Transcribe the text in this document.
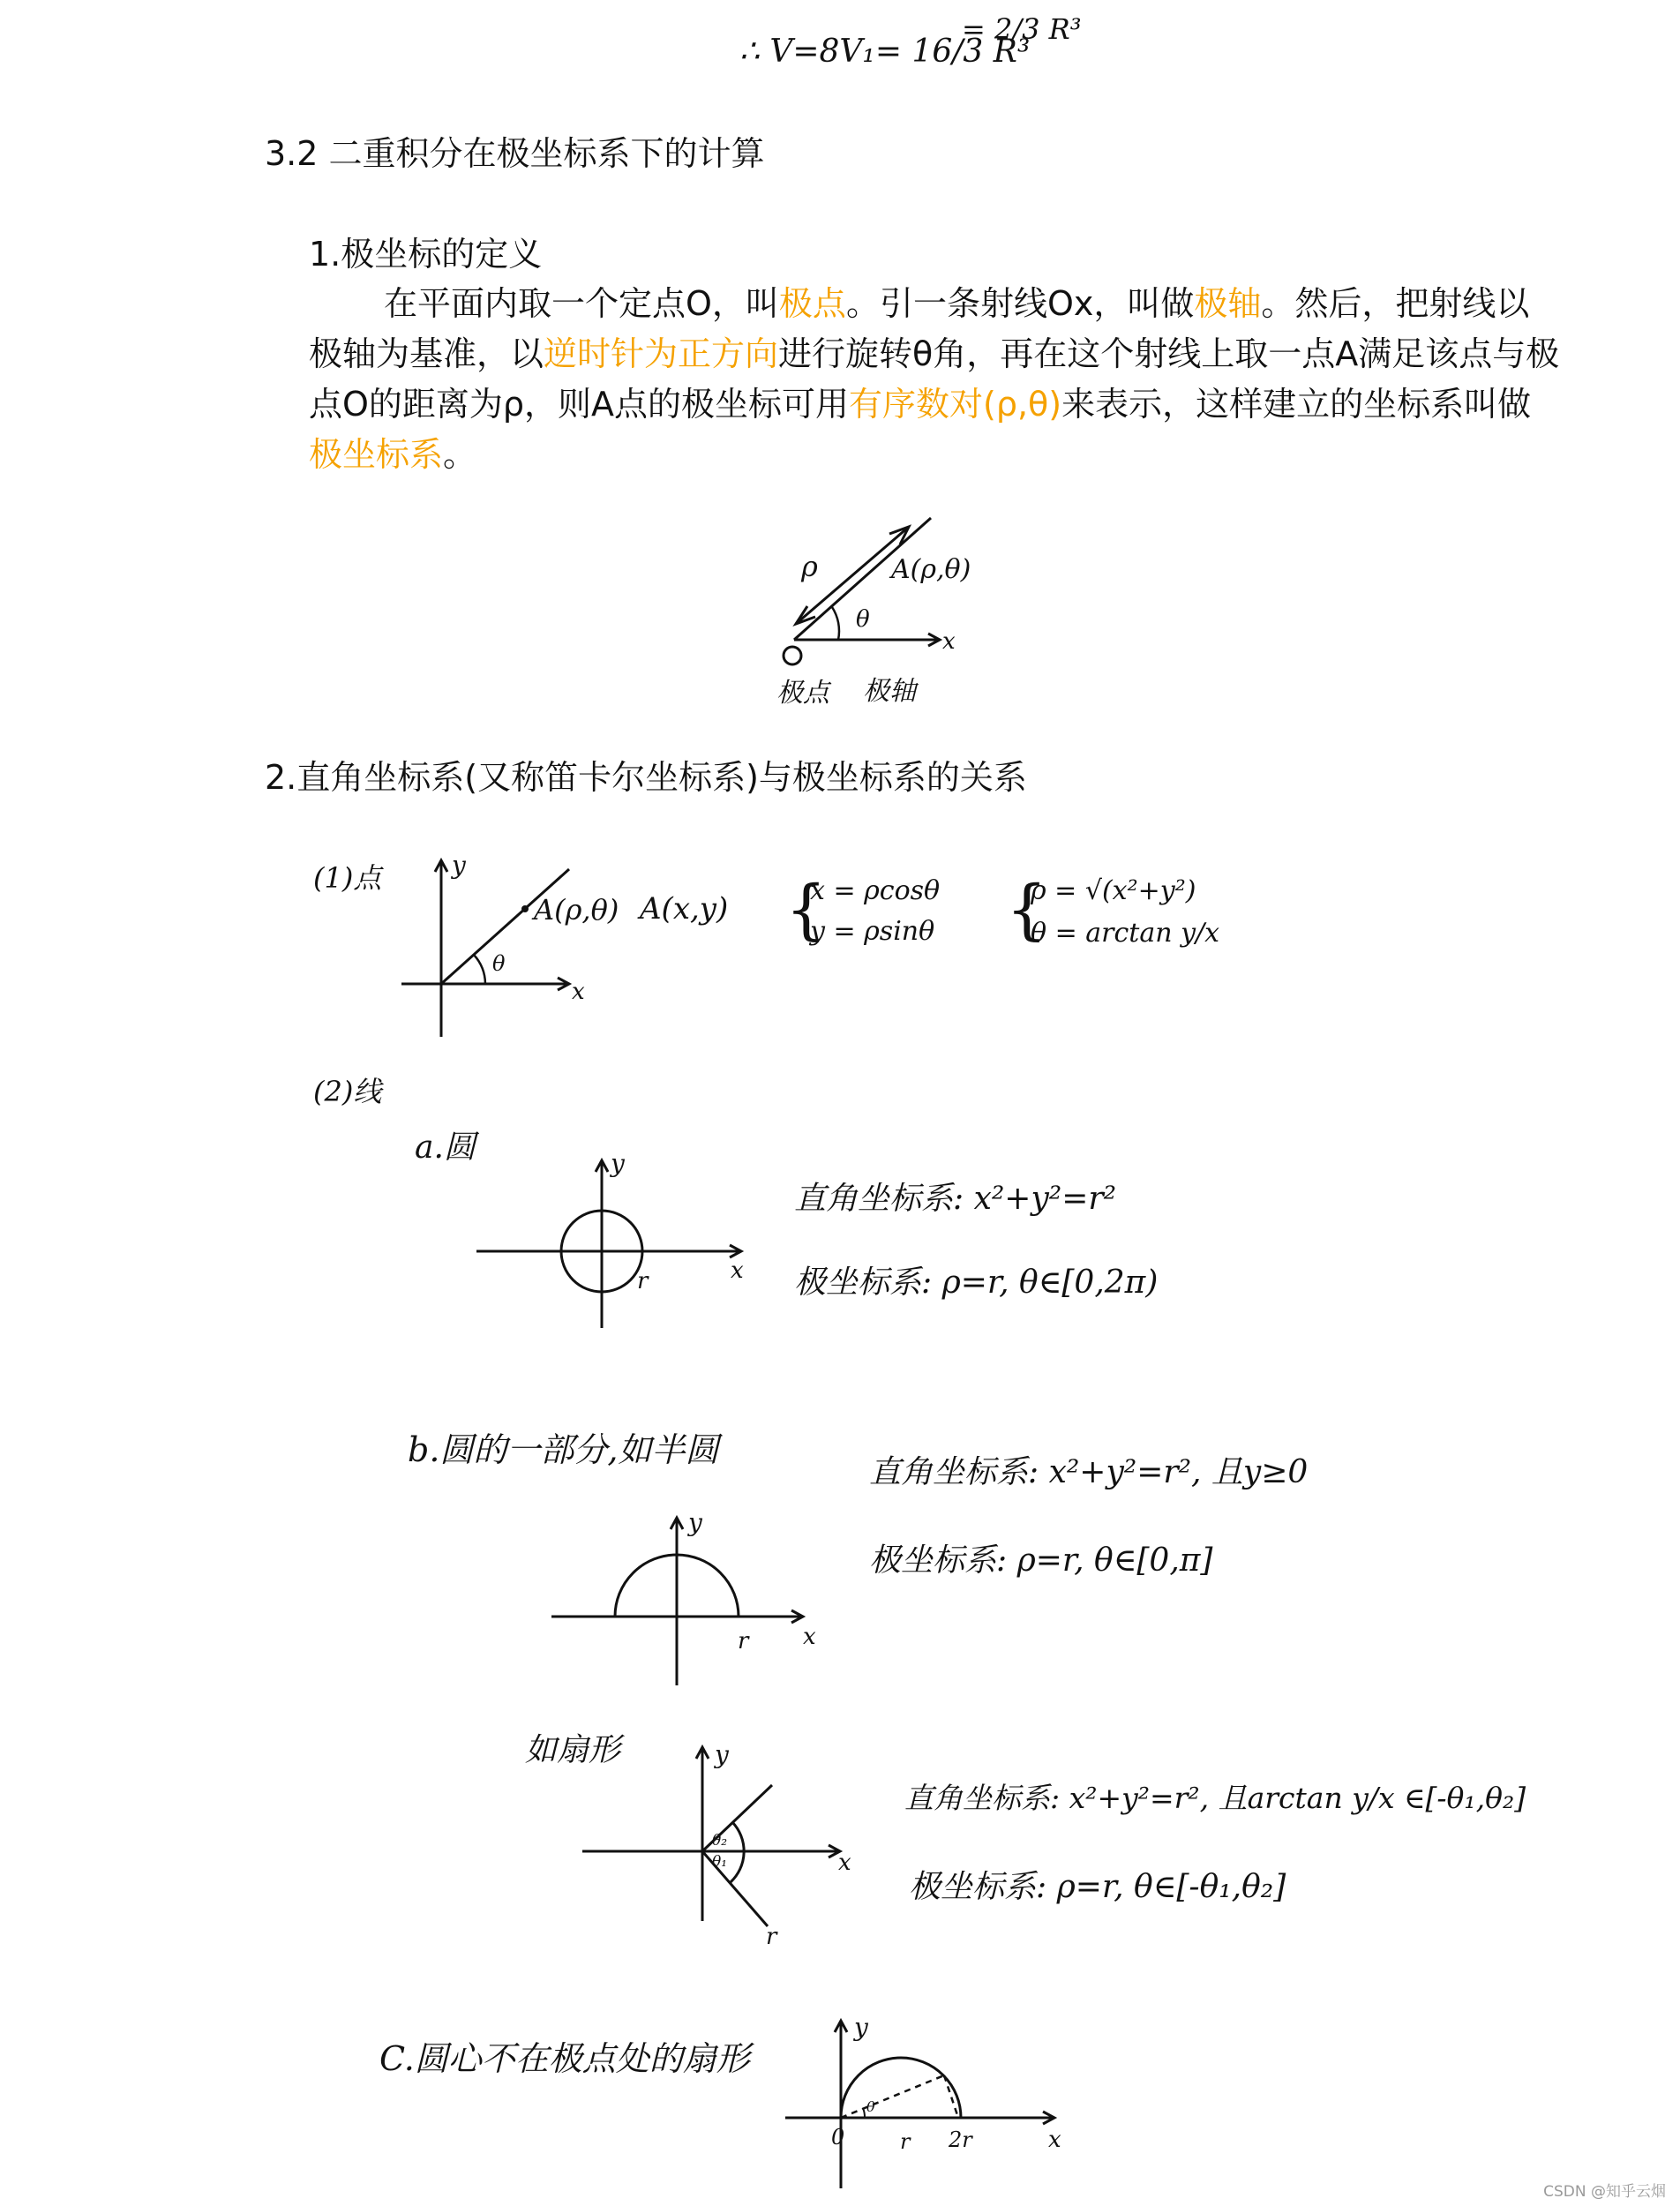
∴ V=8V₁= 16/3 R³
= 2/3 R³
3.2 二重积分在极坐标系下的计算
1.极坐标的定义

在平面内取一个定点O，叫极点。引一条射线Ox，叫做极轴。然后，把射线以极轴为基准，以逆时针为正方向进行旋转θ角，再在这个射线上取一点A满足该点与极点O的距离为ρ，则A点的极坐标可用有序数对(ρ,θ)来表示，这样建立的坐标系叫做极坐标系。

ρ	A(ρ,θ)
θ
x
极点 极轴
2.直角坐标系(又称笛卡尔坐标系)与极坐标系的关系
(1)点	y
x
θ
A(ρ,θ) A(x,y) {
x = ρcosθ
y = ρsinθ {
ρ = √(x²+y²)
θ = arctan y/x
(2)线
a.圆	y
x
r
直角坐标系: x²+y²=r²
极坐标系: ρ=r, θ∈[0,2π)
b.圆的一部分,如半圆
y
x
r
直角坐标系: x²+y²=r², 且y≥0
极坐标系: ρ=r, θ∈[0,π]
如扇形
θ₂
θ₁
y
x
r
直角坐标系: x²+y²=r², 且arctan y/x ∈[-θ₁,θ₂]
极坐标系: ρ=r, θ∈[-θ₁,θ₂]
C.圆心不在极点处的扇形
θ
y
0	r 2r	x
CSDN @知乎云烟
